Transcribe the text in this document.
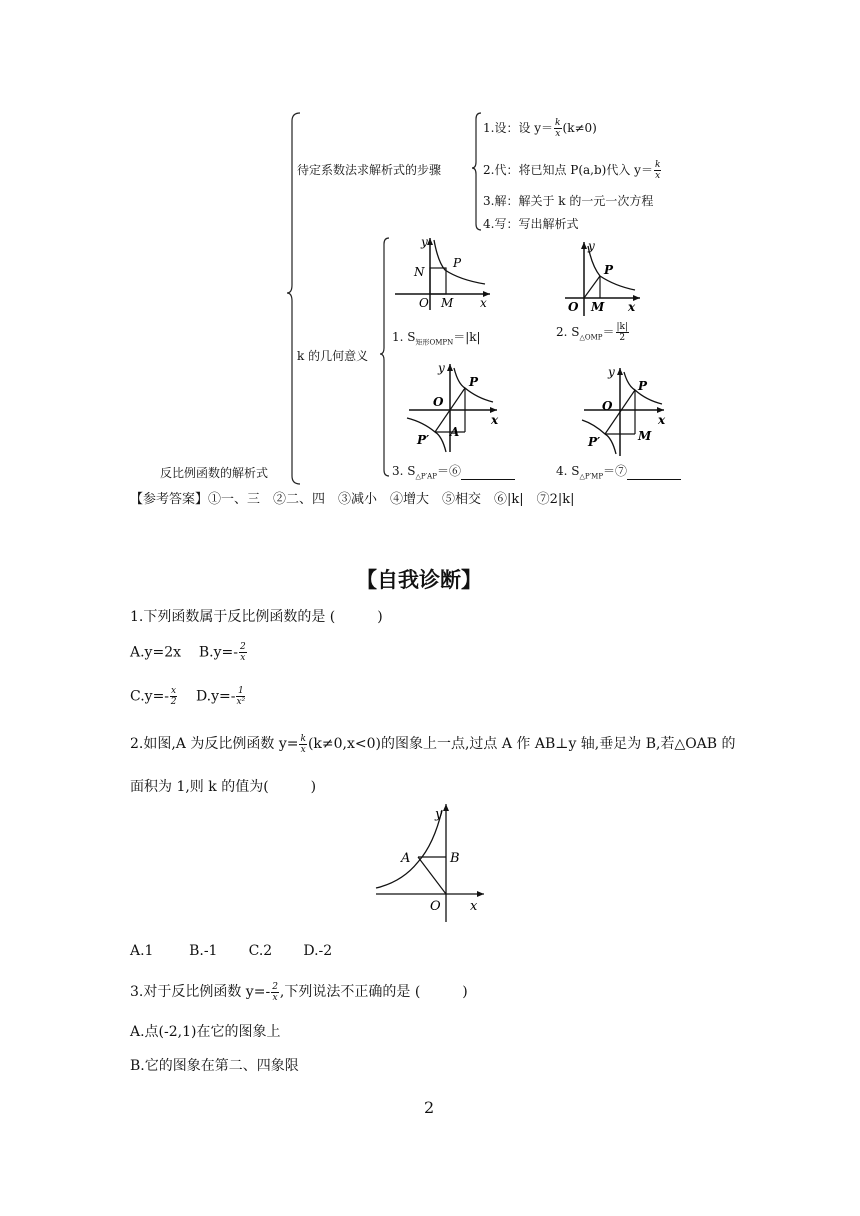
待定系数法求解析式的步骤
k 的几何意义
反比例函数的解析式
1.设：设 $y= \frac{k}{x} (k\ne 0)$
2.代：将已知点 P(a,b)代入 $y= \frac{k}{x}$
3.解：解关于 k 的一元一次方程
4.写：写出解析式
y
N
P
O M x
y
P
O M x
1. $S_{矩形OMPN}=|k|$	2. $S_{\triangle OMP}= \frac{|k|}{2}$
y
P
O
A
P′
x
y
P
O
M
P′
x
3. $S_{\triangle P'AP}=⑥$	4. $S_{\triangle P'MP}=⑦$
【参考答案】①一、三　②二、四　③减小　④增大　⑤相交　⑥|k|　⑦2|k|
【自我诊断】
1.下列函数属于反比例函数的是 (　　　)
A.y=2x $B.y=- \frac{2}{x}$
$C.y=- \frac{x}{2} D.y=- \frac{1}{\text{x²}}$
2.如图,A 为反比例函数 $y= \frac{k}{x} (k\ne 0,x<0)$的图象上一点,过点 A 作 AB⊥y 轴,垂足为 B,若△OAB 的
面积为 1,则 k 的值为(　　　)
y
A	B
O x
A.1	B.-1 C.2 D.-2
3.对于反比例函数 $y=- \frac{2}{x}$ ,下列说法不正确的是 (　　　)
A.点(-2,1)在它的图象上
B.它的图象在第二、四象限
2
